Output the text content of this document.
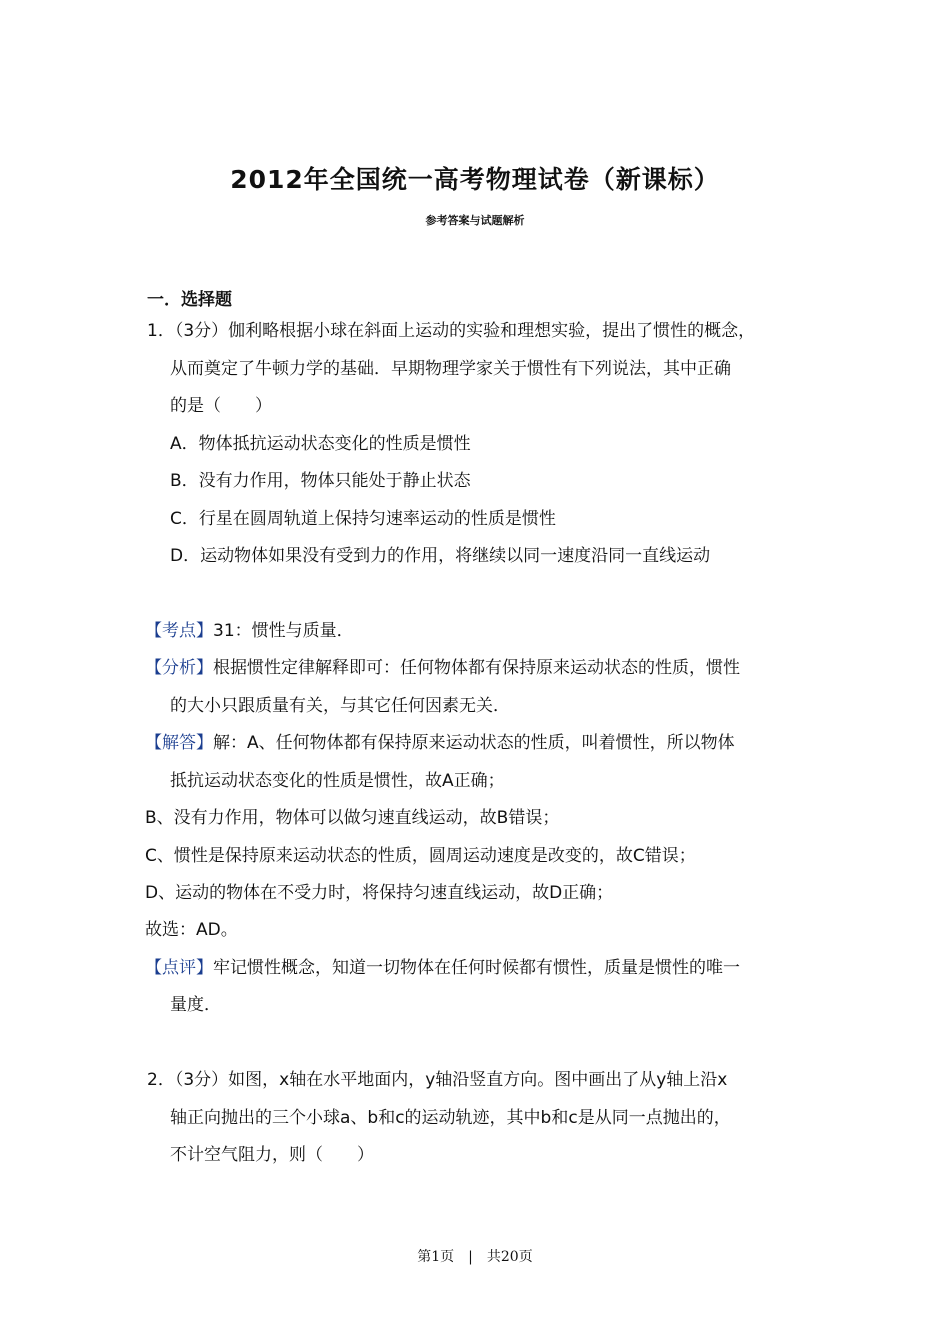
2012年全国统一高考物理试卷（新课标）
参考答案与试题解析
一．选择题
1．（3分）伽利略根据小球在斜面上运动的实验和理想实验，提出了惯性的概念，
从而奠定了牛顿力学的基础．早期物理学家关于惯性有下列说法，其中正确
的是（　　）
A．物体抵抗运动状态变化的性质是惯性
B．没有力作用，物体只能处于静止状态
C．行星在圆周轨道上保持匀速率运动的性质是惯性
D．运动物体如果没有受到力的作用，将继续以同一速度沿同一直线运动
【考点】31：惯性与质量．
【分析】根据惯性定律解释即可：任何物体都有保持原来运动状态的性质，惯性
的大小只跟质量有关，与其它任何因素无关．
【解答】解：A、任何物体都有保持原来运动状态的性质，叫着惯性，所以物体
抵抗运动状态变化的性质是惯性，故A正确；
B、没有力作用，物体可以做匀速直线运动，故B错误；
C、惯性是保持原来运动状态的性质，圆周运动速度是改变的，故C错误；
D、运动的物体在不受力时，将保持匀速直线运动，故D正确；
故选：AD。
【点评】牢记惯性概念，知道一切物体在任何时候都有惯性，质量是惯性的唯一
量度．
2．（3分）如图，x轴在水平地面内，y轴沿竖直方向。图中画出了从y轴上沿x
轴正向抛出的三个小球a、b和c的运动轨迹，其中b和c是从同一点抛出的，
不计空气阻力，则（　　）
第1页　|　共20页
